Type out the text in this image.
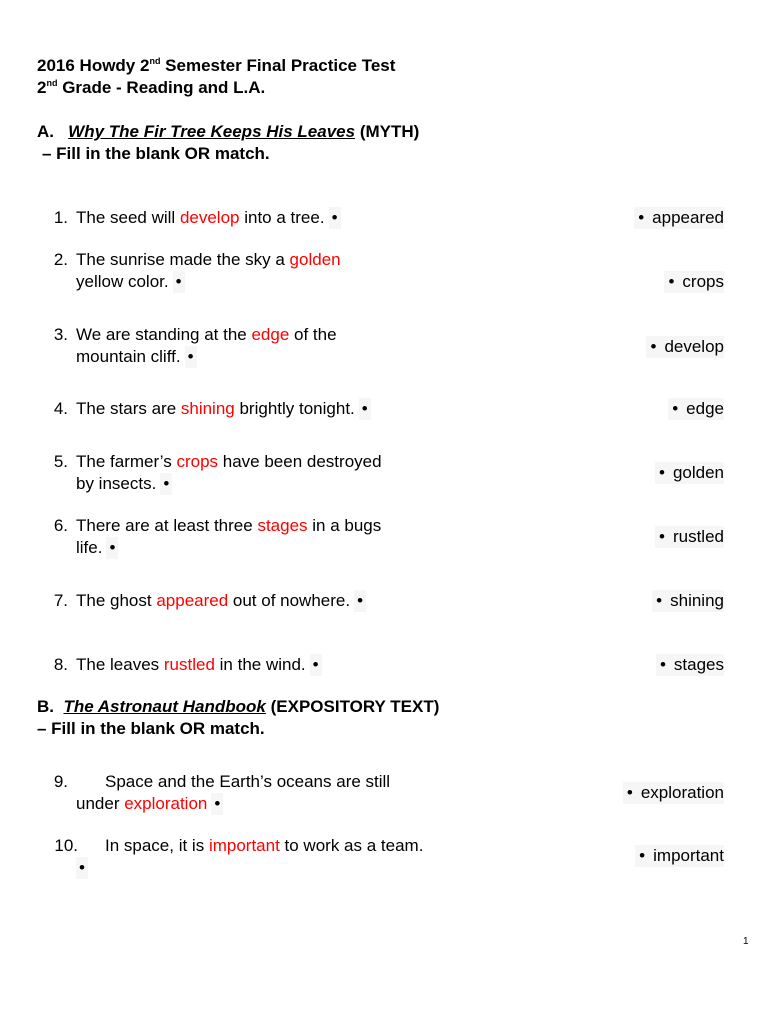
2016 Howdy 2nd Semester Final Practice Test
2nd Grade - Reading and L.A.
A. Why The Fir Tree Keeps His Leaves (MYTH)
– Fill in the blank OR match.
1. The seed will develop into a tree. •
2. The sunrise made the sky a golden
yellow color. •
3. We are standing at the edge of the
mountain cliff. •
4. The stars are shining brightly tonight. •
5. The farmer’s crops have been destroyed
by insects. •
6. There are at least three stages in a bugs
life. •
7. The ghost appeared out of nowhere. •
8. The leaves rustled in the wind. •
• appeared
• crops
• develop
• edge
• golden
• rustled
• shining
• stages
B. The Astronaut Handbook (EXPOSITORY TEXT)
– Fill in the blank OR match.
9. Space and the Earth’s oceans are still
under exploration •
10. In space, it is important to work as a team.
•
• exploration
• important
1
